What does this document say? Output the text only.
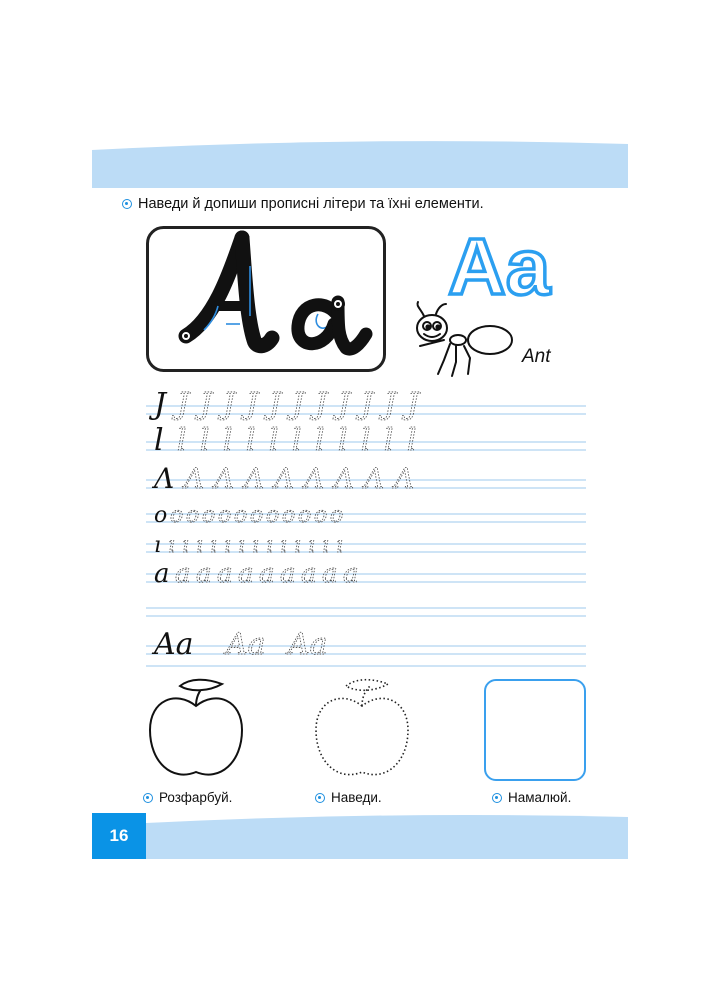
Наведи й допиши прописні літери та їхні елементи.
Aa
Ant
J J J J J J J J J J J J
l l l l l l l l l l l l
Λ Λ Λ Λ Λ Λ Λ Λ Λ
o o o o o o o o o o o o
ı ı ı ı ı ı ı ı ı ı ı ı ı ı
a a a a a a a a a a
Aa Aa Aa
Розфарбуй.	Наведи.	Намалюй.
16
